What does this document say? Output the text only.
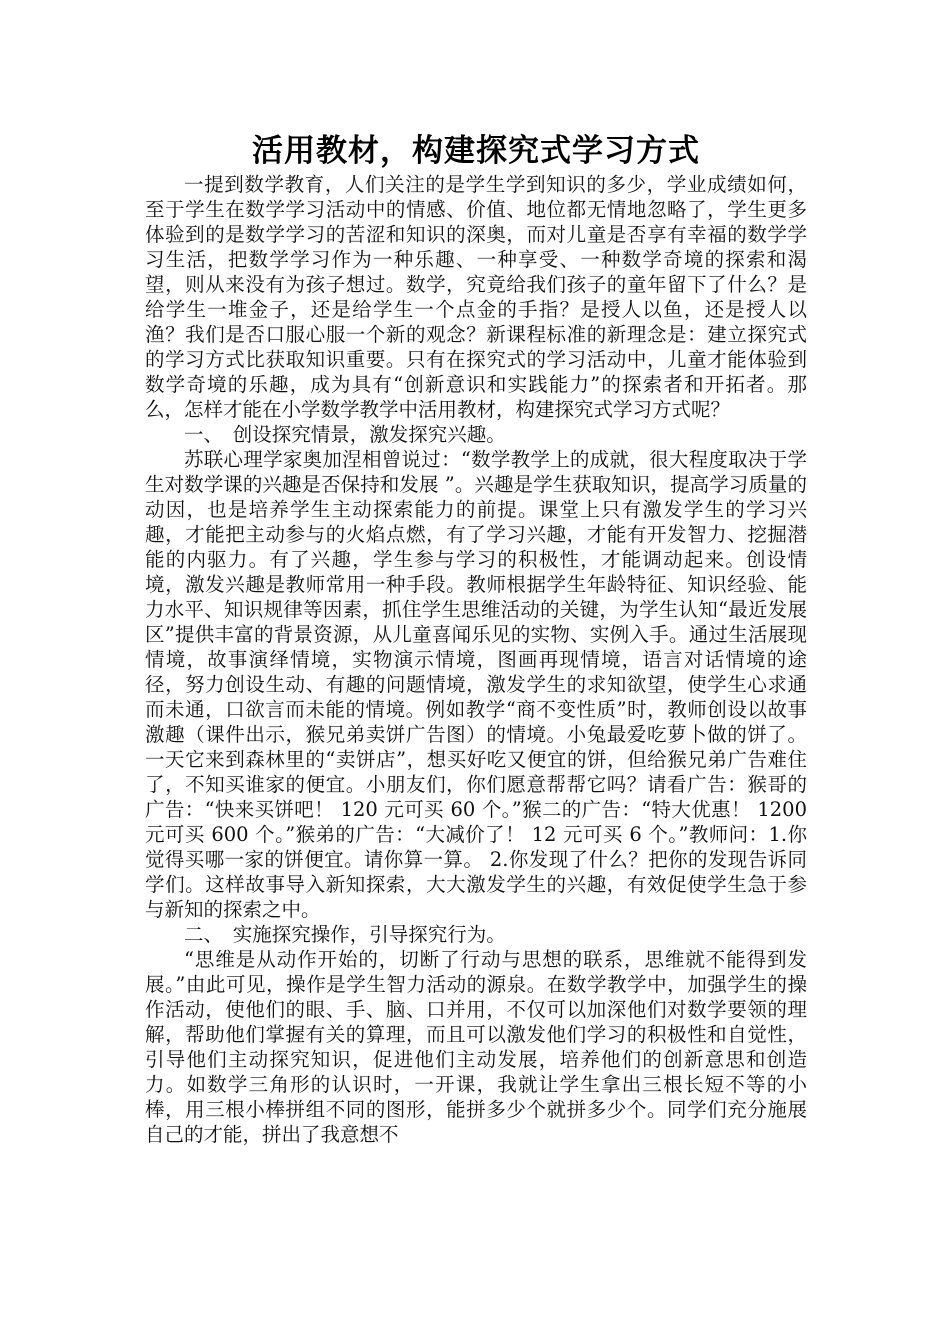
活用教材，构建探究式学习方式

一提到数学教育，人们关注的是学生学到知识的多少，学业成绩如何，至于学生在数学学习活动中的情感、价值、地位都无情地忽略了，学生更多体验到的是数学学习的苦涩和知识的深奥，而对儿童是否享有幸福的数学学习生活，把数学学习作为一种乐趣、一种享受、一种数学奇境的探索和渴望，则从来没有为孩子想过。数学，究竟给我们孩子的童年留下了什么？是给学生一堆金子，还是给学生一个点金的手指？是授人以鱼，还是授人以渔？我们是否口服心服一个新的观念？新课程标准的新理念是：建立探究式的学习方式比获取知识重要。只有在探究式的学习活动中，儿童才能体验到数学奇境的乐趣，成为具有“创新意识和实践能力”的探索者和开拓者。那么，怎样才能在小学数学教学中活用教材，构建探究式学习方式呢？

一、　创设探究情景，激发探究兴趣。

苏联心理学家奥加涅相曾说过：“数学教学上的成就，很大程度取决于学生对数学课的兴趣是否保持和发展 ”。兴趣是学生获取知识，提高学习质量的动因，也是培养学生主动探索能力的前提。课堂上只有激发学生的学习兴趣，才能把主动参与的火焰点燃，有了学习兴趣，才能有开发智力、挖掘潜能的内驱力。有了兴趣，学生参与学习的积极性，才能调动起来。创设情境，激发兴趣是教师常用一种手段。教师根据学生年龄特征、知识经验、能力水平、知识规律等因素，抓住学生思维活动的关键，为学生认知“最近发展区”提供丰富的背景资源，从儿童喜闻乐见的实物、实例入手。通过生活展现情境，故事演绎情境，实物演示情境，图画再现情境，语言对话情境的途径，努力创设生动、有趣的问题情境，激发学生的求知欲望，使学生心求通而未通，口欲言而未能的情境。例如教学“商不变性质”时，教师创设以故事激趣（课件出示，猴兄弟卖饼广告图）的情境。小兔最爱吃萝卜做的饼了。一天它来到森林里的“卖饼店”，想买好吃又便宜的饼，但给猴兄弟广告难住了，不知买谁家的便宜。小朋友们，你们愿意帮帮它吗？请看广告：猴哥的广告：“快来买饼吧！ 120 元可买 60 个。”猴二的广告：“特大优惠！ 1200 元可买 600 个。”猴弟的广告：“大减价了！ 12 元可买 6 个。”教师问：1.你觉得买哪一家的饼便宜。请你算一算。 2.你发现了什么？把你的发现告诉同学们。这样故事导入新知探索，大大激发学生的兴趣，有效促使学生急于参与新知的探索之中。

二、　实施探究操作，引导探究行为。

“思维是从动作开始的，切断了行动与思想的联系，思维就不能得到发展。”由此可见，操作是学生智力活动的源泉。在数学教学中，加强学生的操作活动，使他们的眼、手、脑、口并用，不仅可以加深他们对数学要领的理解，帮助他们掌握有关的算理，而且可以激发他们学习的积极性和自觉性，引导他们主动探究知识，促进他们主动发展，培养他们的创新意思和创造力。如数学三角形的认识时，一开课，我就让学生拿出三根长短不等的小棒，用三根小棒拼组不同的图形，能拼多少个就拼多少个。同学们充分施展自己的才能，拼出了我意想不
